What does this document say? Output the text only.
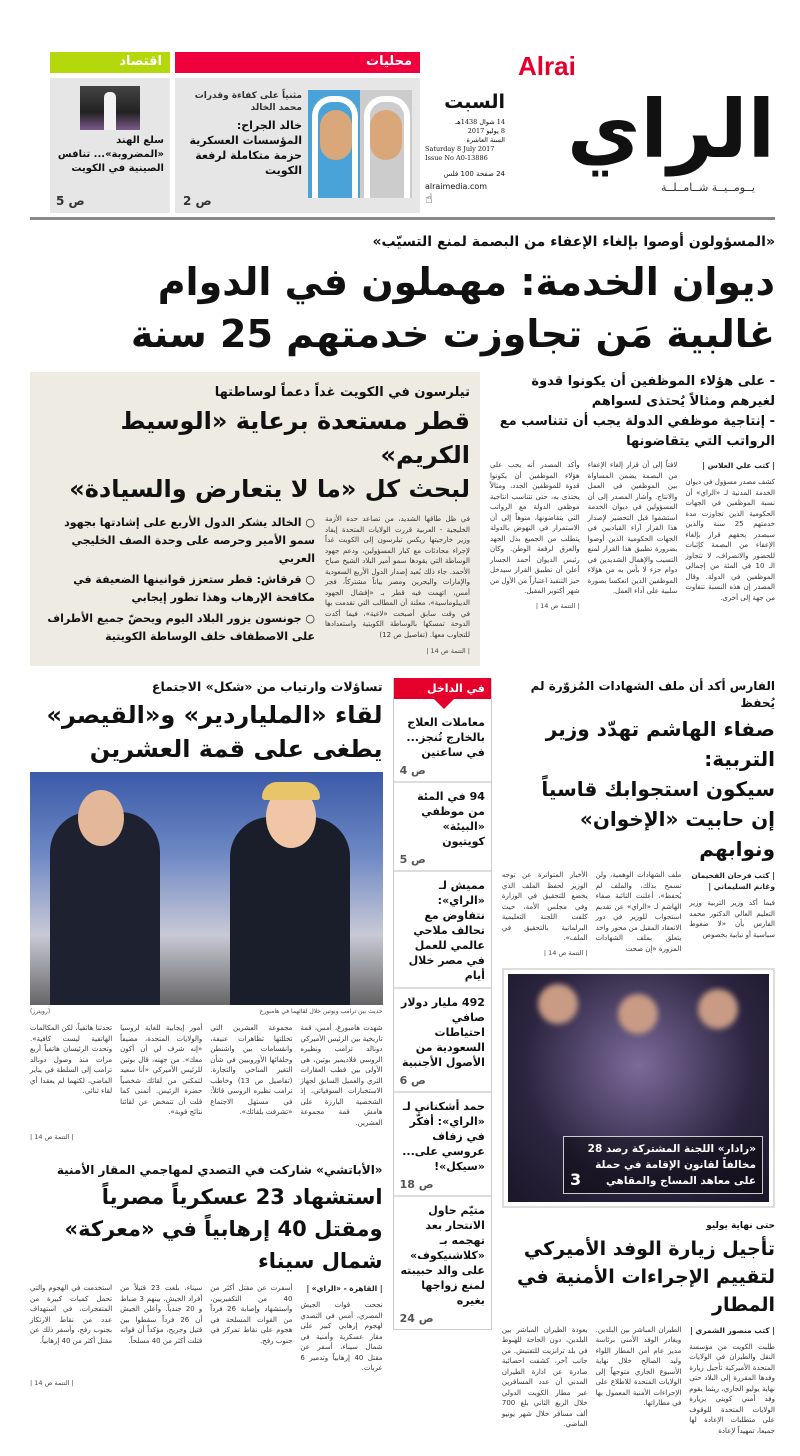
Alrai
الراي
يــومــيــة شــامــلــة
السبت
14 شوال 1438هـ
8 يوليو 2017
السنة العاشرة
Saturday 8 July 2017
Issue No A0-13886
24 صفحة 100 فلس
alraimedia.com
☝
محليات
مثنياً على كفاءة وقدرات محمد الخالد
خالد الجراح: المؤسسات العسكرية حزمة متكاملة لرفعة الكويت
ص 2
اقتصاد
سلع الهند «المضروبة»... تنافس الصينية في الكويت
ص 5
«المسؤولون أوصوا بإلغاء الإعفاء من البصمة لمنع التسيّب»
ديوان الخدمة: مهملون في الدوام
غالبية مَن تجاوزت خدمتهم 25 سنة
- على هؤلاء الموظفين أن يكونوا قدوة لغيرهم ومثالاً يُحتذى لسواهم
- إنتاجية موظفي الدولة يجب أن تتناسب مع الرواتب التي يتقاضونها
| كتب علي العلاس |
كشف مصدر مسؤول في ديوان الخدمة المدنية لـ «الراي» أن نسبة الموظفين في الجهات الحكومية الذين تجاوزت مدة خدمتهم 25 سنة والذين سيصدر بحقهم قرار بإلغاء الإعفاء من البصمة كإثبات للحضور والانصراف، لا تتجاوز الـ 10 في المئة من إجمالي الموظفين في الدولة. وقال المصدر إن هذه النسبة تتفاوت من جهة إلى أخرى.
لافتاً إلى أن قرار إلغاء الإعفاء من البصمة يضمن المساواة بين الموظفين في العمل والانتاج. وأشار المصدر إلى أن المسؤولين في ديوان الخدمة استشفوا قبل التحضير لإصدار هذا القرار آراء القياديين في الجهات الحكومية الذين أوصوا بضرورة تطبيق هذا القرار لمنع التسيب والإهمال الشديدين في دوام جزء لا بأس به من هؤلاء الموظفين الذين انعكسا بصورة سلبية على أداء العمل.
وأكد المصدر أنه يجب على هؤلاء الموظفين أن يكونوا قدوة للموظفين الجدد، ومثالاً يحتذى به، حتى تتناسب انتاجية موظفي الدولة مع الرواتب التي يتقاضونها، منوهاً إلى أن الاستمرار في النهوض بالدولة يتطلب من الجميع بذل الجهد والعرق لرفعة الوطن. وكان رئيس الديوان أحمد الجسار أعلن أن تطبيق القرار سيدخل حيز التنفيذ اعتباراً من الأول من شهر أكتوبر المقبل.
| التتمة ص 14 |
تيلرسون في الكويت غداً دعماً لوساطتها
قطر مستعدة برعاية «الوسيط الكريم»
لبحث كل «ما لا يتعارض والسيادة»
في ظل طاقها الشديد، من تصاعد حدة الأزمة الخليجية - العربية قررت الولايات المتحدة إيفاد وزير خارجيتها ريكس تيلرسون إلى الكويت غداً لإجراء محادثات مع كبار المسؤولين، ودعم جهود الوساطة التي يقودها سمو أمير البلاد الشيخ صباح الأحمد. جاء ذلك بُعيد إصدار الدول الأربع السعودية والإمارات والبحرين ومصر بياناً مشتركاً، فجر أمس، اتهمت فيه قطر بـ «إفشال الجهود الديبلوماسية»، معلنة أن المطالب التي تقدمت بها في وقت سابق أصبحت «لاغية»، فيما أكدت الدوحة تمسكها بالوساطة الكويتية واستعدادها للتجاوب معها. (تفاصيل ص 12)
| التتمة ص 14 |
○ الخالد يشكر الدول الأربع على إشادتها بجهود سمو الأمير وحرصه على وحدة الصف الخليجي العربي
○ قرقاش: قطر ستعزز قوانينها الضعيفة في مكافحة الإرهاب وهذا تطور إيجابي
○ جونسون يزور البلاد اليوم ويحضّ جميع الأطراف على الاصطفاف خلف الوساطة الكويتية
الفارس أكد أن ملف الشهادات المُزوّرة لم يُحفظ
صفاء الهاشم تهدّد وزير التربية:
سيكون استجوابك قاسياً
إن حابيت «الإخوان» ونوابهم
| كتب فرحان الفحيمان وغانم السليماني |
فيما أكد وزير التربية وزير التعليم العالي الدكتور محمد الفارس بأن «لا ضغوط سياسية أو نيابية بخصوص
ملف الشهادات الوهمية، ولن نسمح بذلك، والملف لم يُحفظ»، أعلنت النائبة صفاء الهاشم لـ «الراي» عن تقديم استجواب للوزير في دور الانعقاد المقبل من محور واحد يتعلق بملف الشهادات المزورة «إن صحت
الأخبار المتواترة عن توجه الوزير لحفظ الملف الذي يخضع للتحقيق في الوزارة وفي مجلس الأمة، حيث كلفت اللجنة التعليمية البرلمانية بالتحقيق في الملف».
| التتمة ص 14 |
«رادار» اللجنة المشتركة رصد 28 مخالفاً لقانون الإقامة في حملة على معاهد المساج والمقاهي
3
حتى نهاية يوليو
تأجيل زيارة الوفد الأميركي
لتقييم الإجراءات الأمنية في المطار
| كتب منصور الشمري |
طلبت الكويت من مؤسسة النقل والطيران في الولايات المتحدة الأميركية تأجيل زيارة وفدها المقررة إلى البلاد حتى نهاية يوليو الجاري، ريثما يقوم وفد أمني كويتي بزيارة الولايات المتحدة للوقوف على متطلبات الإعادة لها جميعا، تمهيداً لإعادة
الطيران المباشر بين البلدين. ويغادر الوفد الأمني برئاسة مدير عام أمن المطار اللواء وليد الصالح خلال نهاية الأسبوع الجاري متوجهاً إلى الولايات المتحدة للاطلاع على الإجراءات الأمنية المعمول بها في مطاراتها.
بعودة الطيران المباشر بين البلدين، دون الحاجة للهبوط في بلد ترانزيت للتفتيش. من جانب آخر، كشفت احصائية صادرة عن ادارة الطيران المدني أن عدد المسافرين عبر مطار الكويت الدولي خلال الربع الثاني بلغ 700 ألف مسافر خلال شهر يونيو الماضي.
في الداخل
معاملات العلاج بالخارج تُنجز... في ساعتين
ص 4
94 في المئة من موظفي «البيئة» كويتيون
ص 5
مميش لـ «الراي»: نتفاوض مع تحالف ملاحي عالمي للعمل في مصر خلال أيام
492 مليار دولار صافي احتياطات السعودية من الأصول الأجنبية
ص 6
حمد أشكناني لـ «الراي»: أفكّر في زفاف عروسي على... «سيكل»!
ص 18
متيّم حاول الانتحار بعد تهجمه بـ «كلاشنيكوف» على والد حبيبته لمنع زواجها بغيره
ص 24
تساؤلات وارتياب من «شكل» الاجتماع
لقاء «الملياردير» و«القيصر»
يطغى على قمة العشرين
(رويترز)	حديث بين ترامب وبوتين خلال لقائهما في هامبورغ
شهدت هامبورغ، أمس، قمة تاريخية بين الرئيس الأميركي دونالد ترامب ونظيره الروسي فلاديمير بوتين، هي الأولى بين قطب العقارات الثري والعميل السابق لجهاز الاستخبارات السوفياتي، إذ الشخصية البارزة على هامش قمة مجموعة العشرين.
مجموعة العشرين التي تخللتها تظاهرات عنيفة، وانقسامات بين واشنطن وحلفائها الأوروبيين في شأن التغير المناخي والتجارة. (تفاصيل ص 13) وخاطب ترامب نظيره الروسي قائلاً: في مستهل الاجتماع «تشرفت بلقائك».
أمور إيجابية للغاية لروسيا والولايات المتحدة، مضيفاً «إنه شرف لي أن أكون معك». من جهته، قال بوتين للرئيس الأميركي «أنا سعيد لتمكني من لقائك شخصياً حضرة الرئيس. أتمنى كما قلت أن تتمخض عن لقائنا نتائج قوية».
تحدثنا هاتفياً، لكن المكالمات الهاتفية ليست كافية». وتحدث الرئيسان هاتفياً أربع مرات منذ وصول دونالد ترامب إلى السلطة في يناير الماضي، لكنهما لم يعقدا أي لقاء ثنائي.
| التتمة ص 14 |
«الأباتشي» شاركت في التصدي لمهاجمي المقار الأمنية
استشهاد 23 عسكرياً مصرياً
ومقتل 40 إرهابياً في «معركة» شمال سيناء
| القاهرة - «الراي» |
نجحت قوات الجيش المصري، أمس في التصدي لهجوم إرهابي كبير على مقار عسكرية وأمنية في شمال سيناء، أسفر عن مقتل 40 إرهابياً وتدمير 6 عربات.
أسفرت عن مقتل أكثر من 40 من التكفيريين، واستشهاد وإصابة 26 فرداً من القوات المسلحة في هجوم على نقاط تمركز في جنوب رفح.
سيناء، بلغت 23 قتيلاً من أفراد الجيش، بينهم 3 ضباط و 20 جندياً. وأعلن الجيش أن 26 فرداً سقطوا بين قتيل وجريح، مؤكداً أن قواته قتلت أكثر من 40 مسلحاً.
استخدمت في الهجوم والتي تحمل كميات كبيرة من المتفجرات، في استهداف عدد من نقاط الارتكاز بجنوب رفح، وأسفر ذلك عن مقتل أكثر من 40 إرهابياً.
| التتمة ص 14 |
